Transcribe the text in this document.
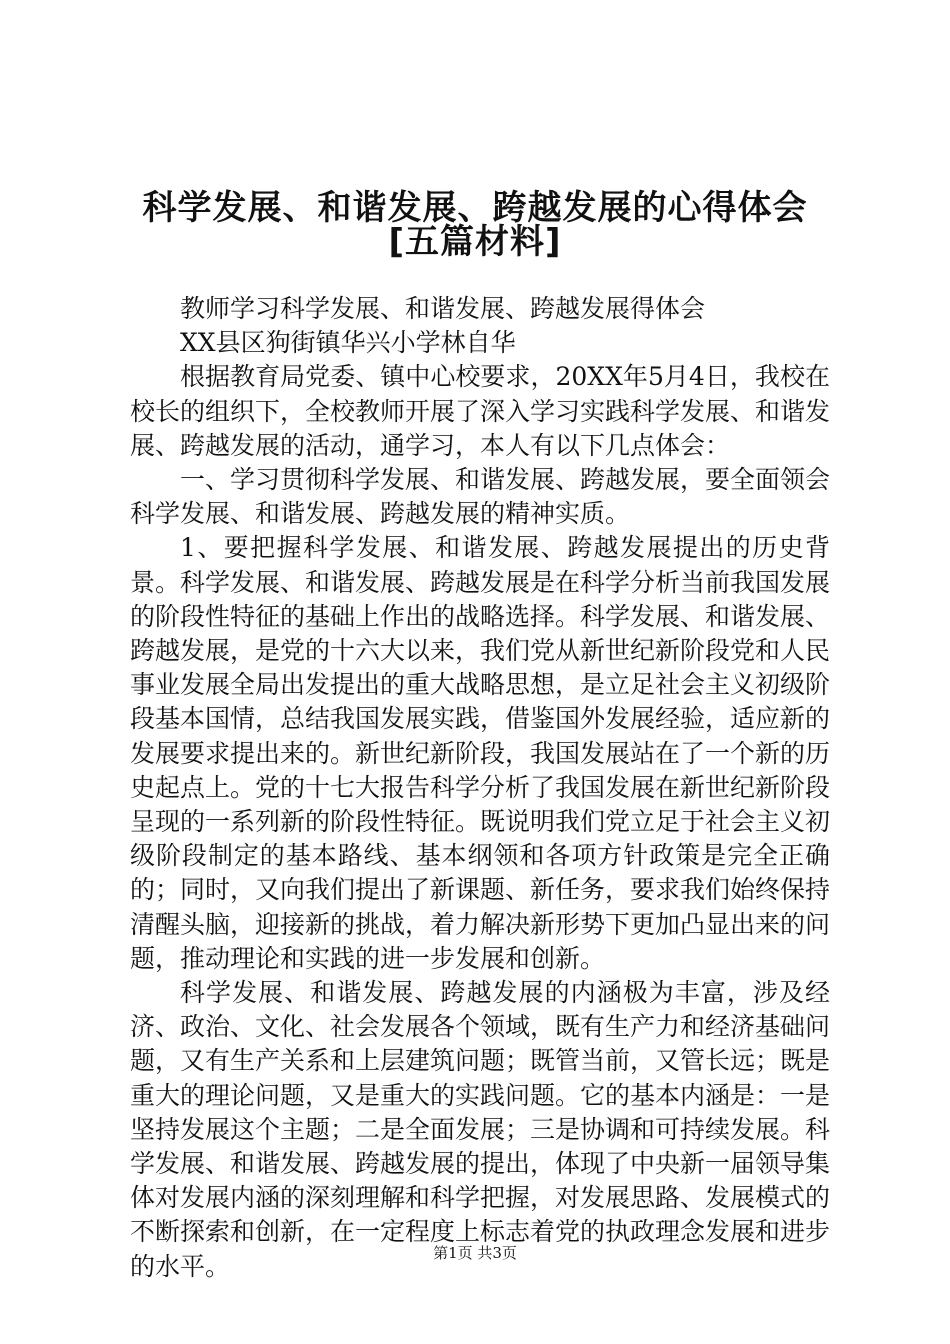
科学发展、和谐发展、跨越发展的心得体会
[五篇材料]

教师学习科学发展、和谐发展、跨越发展得体会

XX县区狗街镇华兴小学林自华

根据教育局党委、镇中心校要求，20XX年5月4日，我校在校长的组织下，全校教师开展了深入学习实践科学发展、和谐发展、跨越发展的活动，通学习，本人有以下几点体会：

一、学习贯彻科学发展、和谐发展、跨越发展，要全面领会科学发展、和谐发展、跨越发展的精神实质。

1、要把握科学发展、和谐发展、跨越发展提出的历史背景。科学发展、和谐发展、跨越发展是在科学分析当前我国发展的阶段性特征的基础上作出的战略选择。科学发展、和谐发展、跨越发展，是党的十六大以来，我们党从新世纪新阶段党和人民事业发展全局出发提出的重大战略思想，是立足社会主义初级阶段基本国情，总结我国发展实践，借鉴国外发展经验，适应新的发展要求提出来的。新世纪新阶段，我国发展站在了一个新的历史起点上。党的十七大报告科学分析了我国发展在新世纪新阶段呈现的一系列新的阶段性特征。既说明我们党立足于社会主义初级阶段制定的基本路线、基本纲领和各项方针政策是完全正确的；同时，又向我们提出了新课题、新任务，要求我们始终保持清醒头脑，迎接新的挑战，着力解决新形势下更加凸显出来的问题，推动理论和实践的进一步发展和创新。

科学发展、和谐发展、跨越发展的内涵极为丰富，涉及经济、政治、文化、社会发展各个领域，既有生产力和经济基础问题，又有生产关系和上层建筑问题；既管当前，又管长远；既是重大的理论问题，又是重大的实践问题。它的基本内涵是：一是坚持发展这个主题；二是全面发展；三是协调和可持续发展。科学发展、和谐发展、跨越发展的提出，体现了中央新一届领导集体对发展内涵的深刻理解和科学把握，对发展思路、发展模式的不断探索和创新，在一定程度上标志着党的执政理念发展和进步的水平。	第1页 共3页
